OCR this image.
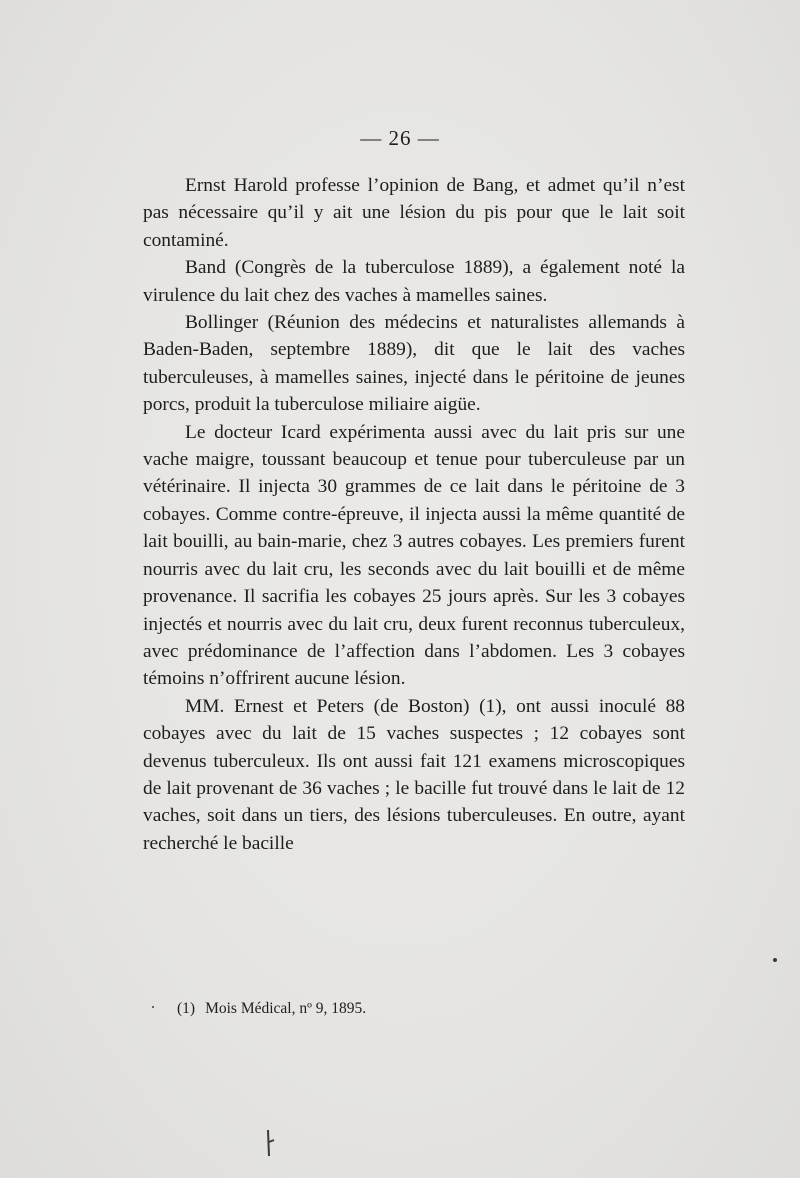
— 26 —

Ernst Harold professe l’opinion de Bang, et admet qu’il n’est pas nécessaire qu’il y ait une lésion du pis pour que le lait soit contaminé.

Band (Congrès de la tuberculose 1889), a également noté la virulence du lait chez des vaches à mamelles saines.

Bollinger (Réunion des médecins et naturalistes allemands à Baden-Baden, septembre 1889), dit que le lait des vaches tuberculeuses, à mamelles saines, injecté dans le péritoine de jeunes porcs, produit la tuberculose miliaire aigüe.

Le docteur Icard expérimenta aussi avec du lait pris sur une vache maigre, toussant beaucoup et tenue pour tuberculeuse par un vétérinaire. Il injecta 30 grammes de ce lait dans le péritoine de 3 cobayes. Comme contre-épreuve, il injecta aussi la même quantité de lait bouilli, au bain-marie, chez 3 autres cobayes. Les premiers furent nourris avec du lait cru, les seconds avec du lait bouilli et de même provenance. Il sacrifia les cobayes 25 jours après. Sur les 3 cobayes injectés et nourris avec du lait cru, deux furent reconnus tuberculeux, avec prédominance de l’affection dans l’abdomen. Les 3 cobayes témoins n’offrirent aucune lésion.

MM. Ernest et Peters (de Boston) (1), ont aussi inoculé 88 cobayes avec du lait de 15 vaches suspectes ; 12 cobayes sont devenus tuberculeux. Ils ont aussi fait 121 examens microscopiques de lait provenant de 36 vaches ; le bacille fut trouvé dans le lait de 12 vaches, soit dans un tiers, des lésions tuberculeuses. En outre, ayant recherché le bacille

(1) Mois Médical, nº 9, 1895.
